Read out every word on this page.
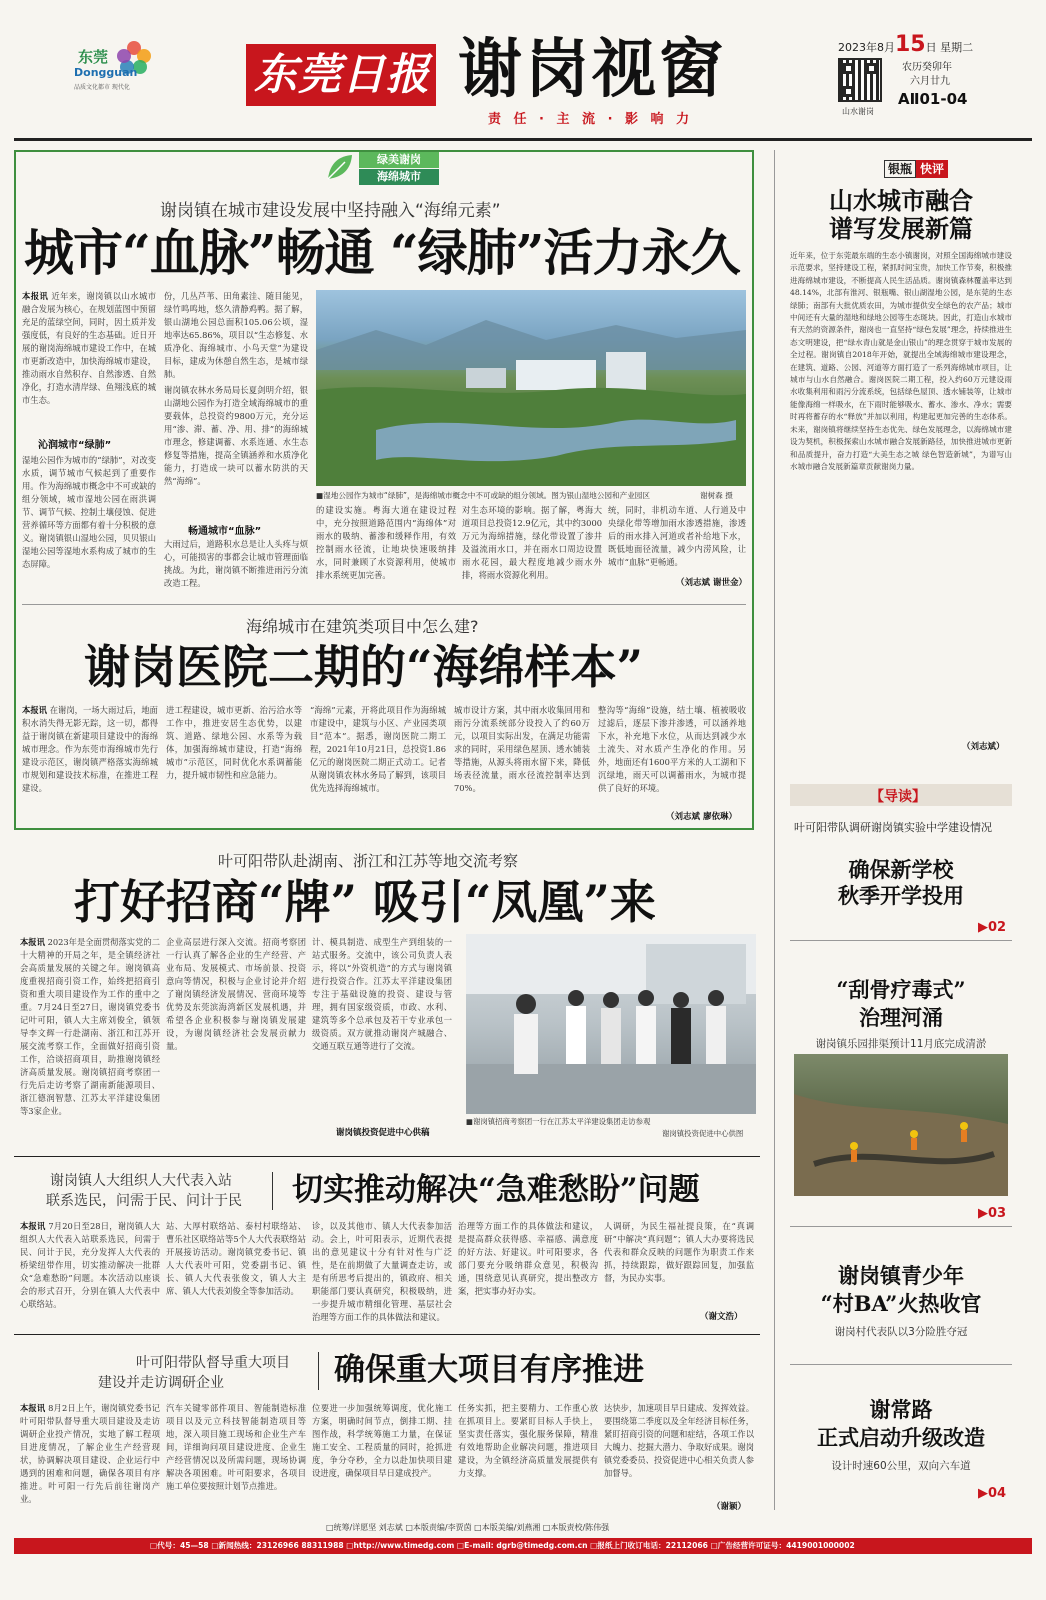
东莞
Dongguan
品质文化都市 现代化	东莞日报 谢岗视窗
责 任 · 主 流 · 影 响 力
2023年8月15日 星期二
山水谢岗
农历癸卯年
六月廿九
AⅡ01-04
绿美谢岗
海绵城市
谢岗镇在城市建设发展中坚持融入“海绵元素”
城市“血脉”畅通 “绿肺”活力永久
本报讯 近年来，谢岗镇以山水城市融合发展为核心，在规划蓝图中预留充足的蓝绿空间，同时，因土质并发强度低，有良好的生态基础。近日开展的谢岗海绵城市建设工作中，在城市更新改造中，加快海绵城市建设，推动雨水自然积存、自然渗透、自然净化，打造水清岸绿、鱼翔浅底的城市生态。
沁润城市“绿肺”
湿地公园作为城市的“绿肺”，对改变水质，调节城市气候起到了重要作用。作为海绵城市概念中不可或缺的组分领域，城市湿地公园在雨洪调节、调节气候、控制土壤侵蚀、促进营养循环等方面都有着十分积极的意义。谢岗镇银山湿地公园，贝贝银山湿地公园等湿地水系构成了城市的生态屏障。
份，几丛芦苇、田角素洼、随目能见，绿竹鸣鸣地，悠久清静鸡鸭。据了解，银山湖地公园总面积105.06公顷，湿地率达65.86%，项目以“生态修复、水质净化、海绵城市、小鸟天堂”为建设目标，建成为休憩自然生态，是城市绿肺。
谢岗镇农林水务局局长夏剑明介绍，银山湖地公园作为打造全域海绵城市的重要载体，总投资约9800万元，充分运用“渗、滞、蓄、净、用、排”的海绵城市理念，修建调蓄、水系连通、水生态修复等措施，提高全镇涵养和水质净化能力，打造成一块可以蓄水防洪的天然“海绵”。
畅通城市“血脉”
大雨过后，道路积水总是让人头疼与烦心，可能损害的事都会让城市管理面临挑战。为此，谢岗镇不断推进雨污分流改造工程。
■湿地公园作为城市“绿肺”，是海绵城市概念中不可或缺的组分领域。图为银山湿地公园和产业园区	谢树森 摄
的建设实施。粤海大道在建设过程中，充分按照道路范围内“海绵体”对雨水的吸纳、蓄渗和缓释作用，有效控制雨水径流，让地块快速吸纳排水，同时兼顾了水资源利用，使城市排水系统更加完善。
对生态环境的影响。据了解，粤海大道项目总投资12.9亿元，其中约3000万元为海绵措施，绿化带设置了渗井及溢流雨水口，并在雨水口周边设置雨水花园，最大程度地减少雨水外排，将雨水资源化利用。
统，同时，非机动车道、人行道及中央绿化带等增加雨水渗透措施，渗透后的雨水排入河道或者补给地下水，既低地面径流量，减少内涝风险，让城市“血脉”更畅通。
（刘志斌 谢世金）
海绵城市在建筑类项目中怎么建?
谢岗医院二期的“海绵样本”
本报讯 在谢岗，一场大雨过后，地面积水消失得无影无踪，这一切，都得益于谢岗镇在新建项目建设中的海绵城市理念。作为东莞市海绵城市先行建设示范区，谢岗镇严格落实海绵城市规划和建设技术标准，在推进工程建设。
进工程建设，城市更新、治污洽水等工作中，推进安居生态优势，以建筑、道路、绿地公园、水系等为载体，加强海绵城市建设，打造“海绵城市”示范区，同时优化水系调蓄能力，提升城市韧性和应急能力。
“海绵”元素，开将此项目作为海绵城市建设中，建筑与小区、产业园类项目“范本”。据悉，谢岗医院二期工程，2021年10月21日，总投资1.86亿元的谢岗医院二期正式动工。记者从谢岗镇农林水务局了解到，该项目优先选择海绵城市。
城市设计方案，其中雨水收集回用和雨污分流系统部分设投入了约60万元，以项目实际出发，在满足功能需求的同时，采用绿色屋顶、透水铺装等措施，从源头将雨水留下来，降低场表径流量，雨水径流控制率达到70%。
整沟等“海绵”设施，结土壤、植被吸收过滤后，逐层下渗并渗透，可以涵养地下水，补充地下水位，从而达到减少水土流失、对水质产生净化的作用。另外，地面还有1600平方米的人工湖和下沉绿地，雨天可以调蓄雨水，为城市提供了良好的环境。
（刘志斌 廖依琳）
叶可阳带队赴湖南、浙江和江苏等地交流考察
打好招商“牌” 吸引“凤凰”来
本报讯 2023年是全面贯彻落实党的二十大精神的开局之年，是全镇经济社会高质量发展的关键之年。谢岗镇高度重视招商引资工作，始终把招商引资和重大项目建设作为工作的重中之重。7月24日至27日，谢岗镇党委书记叶可阳，镇人大主席刘俊全，镇领导李文辉一行赴湖南、浙江和江苏开展交流考察工作，全面做好招商引资工作，洽谈招商项目，助推谢岗镇经济高质量发展。谢岗镇招商考察团一行先后走访考察了湖南新能源项目、浙江德润智慧、江苏太平洋建设集团等3家企业。
企业高层进行深入交流。招商考察团一行认真了解各企业的生产经营、产业布局、发展模式、市场前景、投资意向等情况，积极与企业讨论并介绍了谢岗镇经济发展情况、营商环境等优势及东莞滨海湾新区发展机遇，并希望各企业积极参与谢岗镇发展建设，为谢岗镇经济社会发展贡献力量。
计、模具制造、成型生产到组装的一站式服务。交流中，该公司负责人表示，将以“外资机造”的方式与谢岗镇进行投资合作。江苏太平洋建设集团专注于基础设施的投资、建设与管理，拥有国家级资质，市政、水利、建筑等多个总承包及若干专业承包一级资质。双方就推动谢岗产城融合、交通互联互通等进行了交流。
谢岗镇投资促进中心供稿
■谢岗镇招商考察团一行在江苏太平洋建设集团走访参观
谢岗镇投资促进中心供图
谢岗镇人大组织人大代表入站
联系选民，问需于民、问计于民 切实推动解决“急难愁盼”问题
本报讯 7月20日至28日，谢岗镇人大组织人大代表入站联系选民，问需于民、问计于民，充分发挥人大代表的桥梁纽带作用，切实推动解决一批群众“急难愁盼”问题。本次活动以座谈会的形式召开，分别在镇人大代表中心联络站。
站、大厚村联络站、泰村村联络站、曹乐社区联络站等5个人大代表联络站开展接访活动。谢岗镇党委书记、镇人大代表叶可阳，党委副书记、镇长、镇人大代表张俊文，镇人大主席、镇人大代表刘俊全等参加活动。
诊，以及其他市、镇人大代表参加活动。会上，叶可阳表示，近期代表提出的意见建议十分有针对性与广泛性，是在前期做了大量调查走访，或是有所思考后提出的，镇政府、相关职能部门要认真研究，积极吸纳，进一步提升城市精细化管理、基层社会治理等方面工作的具体做法和建议。
治理等方面工作的具体做法和建议，是提高群众获得感、幸福感、满意度的好方法、好建议。叶可阳要求，各部门要充分吸纳群众意见，积极沟通，围绕意见认真研究，提出整改方案，把实事办好办实。
人调研，为民生福祉提良策，在“真调研”中解决“真问题”；镇人大办要将选民代表和群众反映的问题作为职责工作来抓，持续跟踪，做好跟踪回复，加强监督，为民办实事。
（谢文浩）
叶可阳带队督导重大项目
建设并走访调研企业	确保重大项目有序推进
本报讯 8月2日上午，谢岗镇党委书记叶可阳带队督导重大项目建设及走访调研企业投产情况，实地了解工程项目进度情况，了解企业生产经营现状，协调解决项目建设、企业运行中遇到的困难和问题，确保各项目有序推进。叶可阳一行先后前往谢岗产业。
汽车关键零部件项目、智能制造标准项目以及元立科技智能制造项目等地，深入项目施工现场和企业生产车间，详细询问项目建设进度、企业生产经营情况以及所需问题，现场协调解决各项困难。叶可阳要求，各项目施工单位要按照计划节点推进。
位要进一步加强统筹调度，优化施工方案，明确时间节点，倒排工期、挂图作战，科学统筹施工力量，在保证施工安全、工程质量的同时，抢抓进度，争分夺秒，全力以赴加快项目建设进度，确保项目早日建成投产。
任务实抓，把主要精力、工作重心放在抓项目上。要紧盯目标人手快上，坚实责任落实，强化服务保障，精准有效地帮助企业解决问题，推进项目建设，为全镇经济高质量发展提供有力支撑。
达快步，加速项目早日建成、发挥效益。要围绕第二季度以及全年经济目标任务，紧盯招商引资的问题和症结，各项工作以大魄力、挖掘大潜力、争取好成果。谢岗镇党委委员、投资促进中心相关负责人参加督导。
（谢颖）
银瓶 快评
山水城市融合
谱写发展新篇
近年来，位于东莞最东端的生态小镇谢岗，对照全国海绵城市建设示范要求，坚持建设工程，紧抓时间宝贵，加快工作节奏，积极推进海绵城市建设，不断提高人民生活品质。谢岗镇森林覆盖率达到48.14%，北部有淮河、银瓶嘴、银山湖湿地公园，是东莞的生态绿肺；南部有大批优质农田，为城市提供安全绿色的农产品；城市中间还有大量的湿地和绿地公园等生态斑块。因此，打造山水城市有天然的资源条件，谢岗也一直坚持“绿色发展”理念，持续推进生态文明建设，把“绿水青山就是金山银山”的理念贯穿于城市发展的全过程。谢岗镇自2018年开始，就提出全域海绵城市建设理念，在建筑、道路、公园、河道等方面打造了一系列海绵城市项目，让城市与山水自然融合。谢岗医院二期工程，投入约60万元建设雨水收集利用和雨污分流系统，包括绿色屋顶、透水铺装等，让城市能像海绵一样吸水，在下雨时能够吸水、蓄水、渗水、净水；需要时再将蓄存的水“释放”并加以利用，构建起更加完善的生态体系。未来，谢岗镇将继续坚持生态优先、绿色发展理念，以海绵城市建设为契机，积极探索山水城市融合发展新路径，加快推进城市更新和品质提升，奋力打造“大美生态之城 绿色智造新城”，为谱写山水城市融合发展新篇章贡献谢岗力量。
（刘志斌）
【导读】
叶可阳带队调研谢岗镇实验中学建设情况
确保新学校
秋季开学投用
▶02
“刮骨疗毒式”
治理河涌
谢岗镇乐园排渠预计11月底完成清淤
▶03
谢岗镇青少年
“村BA”火热收官
谢岗村代表队以3分险胜夺冠
谢常路
正式启动升级改造
设计时速60公里，双向六车道
▶04
□统筹/详愿坚 刘志斌 □本版责编/李贾茵 □本版美编/刘燕湘 □本版责校/陈伟强
□代号：45—58 □新闻热线：23126966 88311988 □http://www.timedg.com □E-mail: dgrb@timedg.com.cn □报纸上门收订电话：22112066 □广告经营许可证号：4419001000002
